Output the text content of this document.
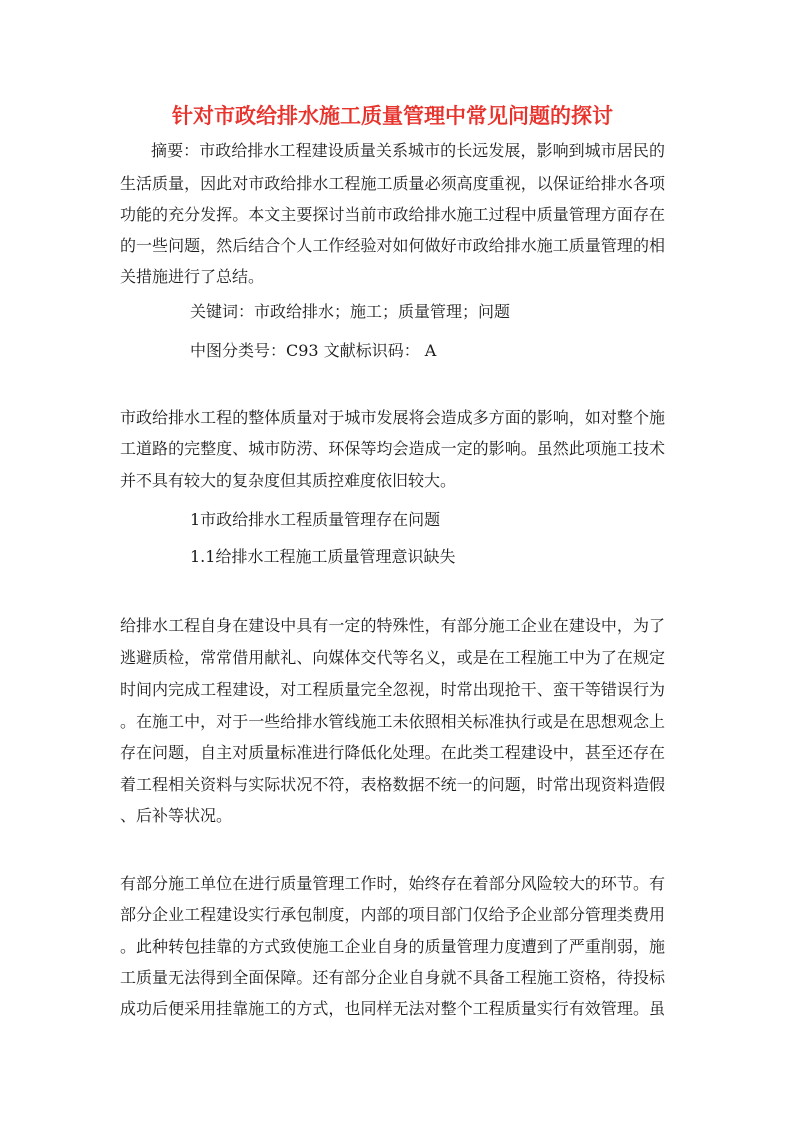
针对市政给排水施工质量管理中常见问题的探讨
摘要：市政给排水工程建设质量关系城市的长远发展，影响到城市居民的
生活质量，因此对市政给排水工程施工质量必须高度重视，以保证给排水各项
功能的充分发挥。本文主要探讨当前市政给排水施工过程中质量管理方面存在
的一些问题，然后结合个人工作经验对如何做好市政给排水施工质量管理的相
关措施进行了总结。
关键词：市政给排水；施工；质量管理；问题
中图分类号：C93 文献标识码： A
市政给排水工程的整体质量对于城市发展将会造成多方面的影响，如对整个施
工道路的完整度、城市防涝、环保等均会造成一定的影响。虽然此项施工技术
并不具有较大的复杂度但其质控难度依旧较大。
1市政给排水工程质量管理存在问题
1.1给排水工程施工质量管理意识缺失
给排水工程自身在建设中具有一定的特殊性，有部分施工企业在建设中，为了
逃避质检，常常借用献礼、向媒体交代等名义，或是在工程施工中为了在规定
时间内完成工程建设，对工程质量完全忽视，时常出现抢干、蛮干等错误行为
。在施工中，对于一些给排水管线施工未依照相关标准执行或是在思想观念上
存在问题，自主对质量标准进行降低化处理。在此类工程建设中，甚至还存在
着工程相关资料与实际状况不符，表格数据不统一的问题，时常出现资料造假
、后补等状况。
有部分施工单位在进行质量管理工作时，始终存在着部分风险较大的环节。有
部分企业工程建设实行承包制度，内部的项目部门仅给予企业部分管理类费用
。此种转包挂靠的方式致使施工企业自身的质量管理力度遭到了严重削弱，施
工质量无法得到全面保障。还有部分企业自身就不具备工程施工资格，待投标
成功后便采用挂靠施工的方式，也同样无法对整个工程质量实行有效管理。虽
